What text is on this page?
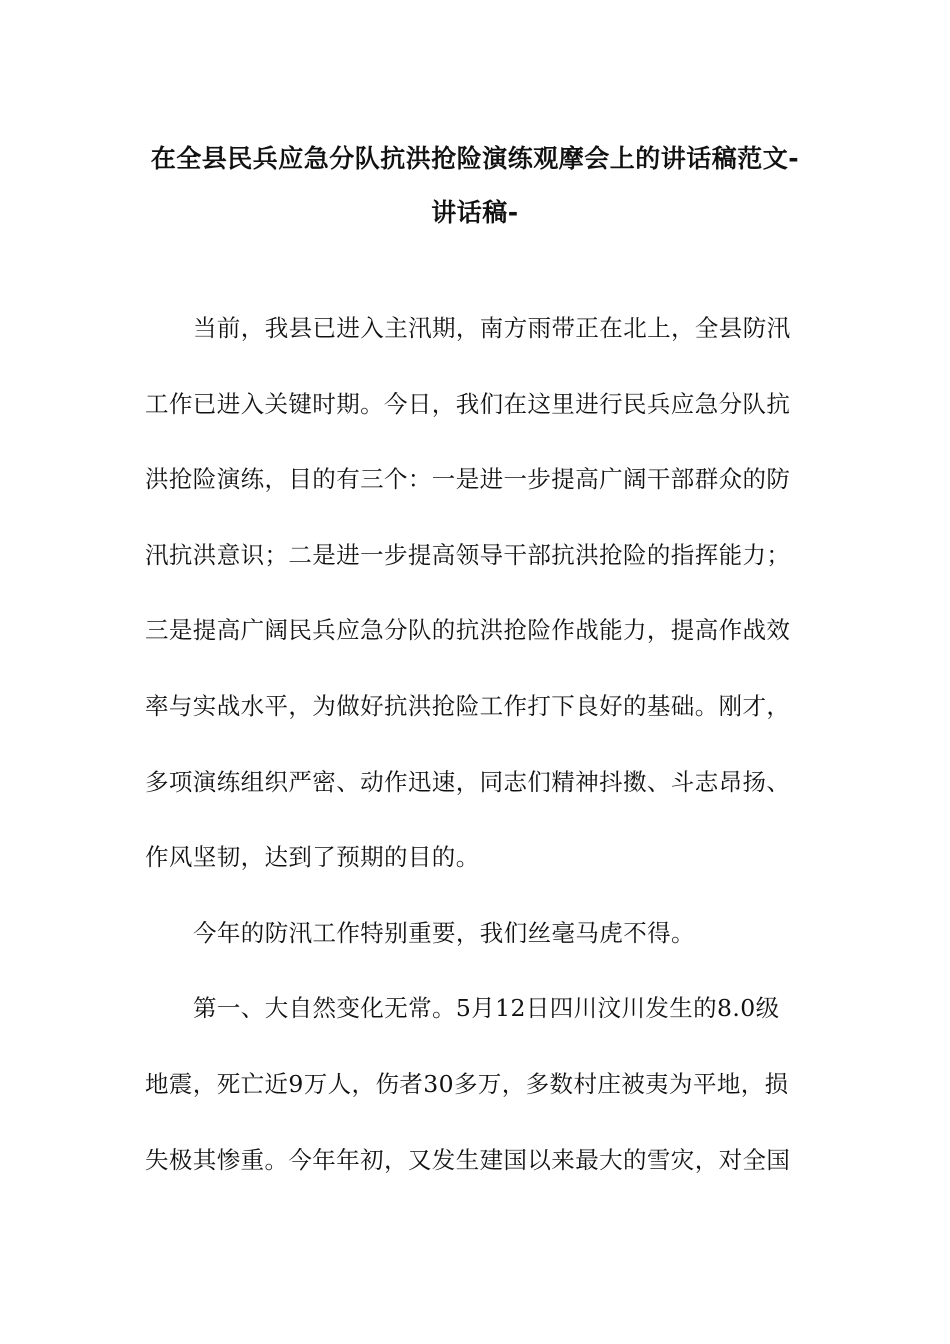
在全县民兵应急分队抗洪抢险演练观摩会上的讲话稿范文-
讲话稿-
当前，我县已进入主汛期，南方雨带正在北上，全县防汛
工作已进入关键时期。今日，我们在这里进行民兵应急分队抗
洪抢险演练，目的有三个：一是进一步提高广阔干部群众的防
汛抗洪意识；二是进一步提高领导干部抗洪抢险的指挥能力；
三是提高广阔民兵应急分队的抗洪抢险作战能力，提高作战效
率与实战水平，为做好抗洪抢险工作打下良好的基础。刚才，
多项演练组织严密、动作迅速，同志们精神抖擞、斗志昂扬、
作风坚韧，达到了预期的目的。
今年的防汛工作特别重要，我们丝毫马虎不得。
第一、大自然变化无常。5月12日四川汶川发生的8.0级
地震，死亡近9万人，伤者30多万，多数村庄被夷为平地，损
失极其惨重。今年年初，又发生建国以来最大的雪灾，对全国
